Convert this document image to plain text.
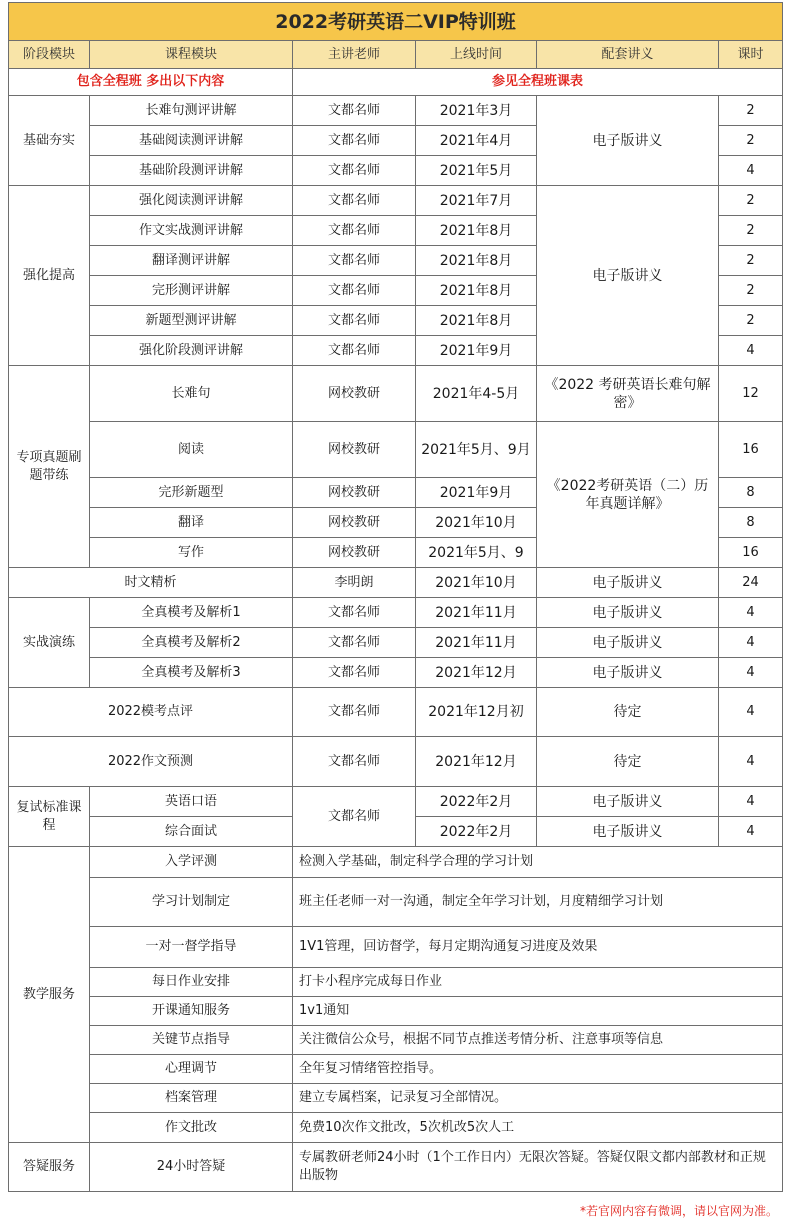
2022考研英语二VIP特训班					
阶段模块	课程模块	主讲老师	上线时间	配套讲义	课时
包含全程班 多出以下内容		参见全程班课表			
基础夯实	长难句测评讲解	文都名师	2021年3月	电子版讲义	2
	基础阅读测评讲解	文都名师	2021年4月		2
	基础阶段测评讲解	文都名师	2021年5月		4
强化提高	强化阅读测评讲解	文都名师	2021年7月	电子版讲义	2
	作文实战测评讲解	文都名师	2021年8月		2
	翻译测评讲解	文都名师	2021年8月		2
	完形测评讲解	文都名师	2021年8月		2
	新题型测评讲解	文都名师	2021年8月		2
	强化阶段测评讲解	文都名师	2021年9月		4
专项真题刷题带练	长难句	网校教研	2021年4-5月	《2022 考研英语长难句解密》	12
	阅读	网校教研	2021年5月、9月	《2022考研英语（二）历年真题详解》	16
	完形新题型	网校教研	2021年9月		8
	翻译	网校教研	2021年10月		8
	写作	网校教研	2021年5月、9		16
时文精析		李明朗	2021年10月	电子版讲义	24
实战演练	全真模考及解析1	文都名师	2021年11月	电子版讲义	4
	全真模考及解析2	文都名师	2021年11月	电子版讲义	4
	全真模考及解析3	文都名师	2021年12月	电子版讲义	4
2022模考点评		文都名师	2021年12月初	待定	4
2022作文预测		文都名师	2021年12月	待定	4
复试标准课程	英语口语	文都名师	2022年2月	电子版讲义	4
	综合面试		2022年2月	电子版讲义	4
教学服务	入学评测	检测入学基础，制定科学合理的学习计划			
	学习计划制定	班主任老师一对一沟通，制定全年学习计划，月度精细学习计划			
	一对一督学指导	1V1管理，回访督学，每月定期沟通复习进度及效果			
	每日作业安排	打卡小程序完成每日作业			
	开课通知服务	1v1通知			
	关键节点指导	关注微信公众号，根据不同节点推送考情分析、注意事项等信息			
	心理调节	全年复习情绪管控指导。			
	档案管理	建立专属档案，记录复习全部情况。			
	作文批改	免费10次作文批改，5次机改5次人工			
答疑服务	24小时答疑	专属教研老师24小时（1个工作日内）无限次答疑。答疑仅限文都内部教材和正规出版物			
*若官网内容有微调，请以官网为准。
